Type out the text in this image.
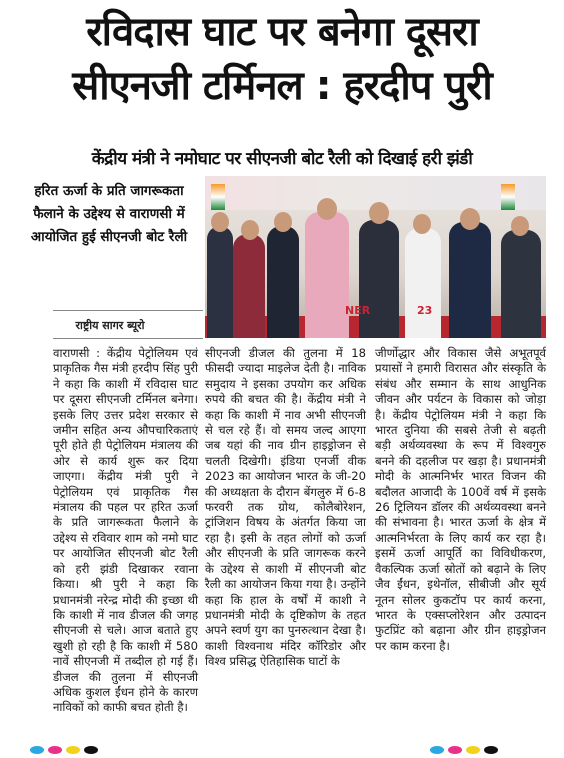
रविदास घाट पर बनेगा दूसरा
सीएनजी टर्मिनल : हरदीप पुरी
केंद्रीय मंत्री ने नमोघाट पर सीएनजी बोट रैली को दिखाई हरी झंडी
हरित ऊर्जा के प्रति जागरूकता फैलाने के उद्देश्य से वाराणसी में आयोजित हुई सीएनजी बोट रैली
राष्ट्रीय सागर ब्यूरो
NER	23

वाराणसी : केंद्रीय पेट्रोलियम एवं प्राकृतिक गैस मंत्री हरदीप सिंह पुरी ने कहा कि काशी में रविदास घाट पर दूसरा सीएनजी टर्मिनल बनेगा। इसके लिए उत्तर प्रदेश सरकार से जमीन सहित अन्य औपचारिकताएं पूरी होते ही पेट्रोलियम मंत्रालय की ओर से कार्य शुरू कर दिया जाएगा। केंद्रीय मंत्री पुरी ने पेट्रोलियम एवं प्राकृतिक गैस मंत्रालय की पहल पर हरित ऊर्जा के प्रति जागरूकता फैलाने के उद्देश्य से रविवार शाम को नमो घाट पर आयोजित सीएनजी बोट रैली को हरी झंडी दिखाकर रवाना किया। श्री पुरी ने कहा कि प्रधानमंत्री नरेन्द्र मोदी की इच्छा थी कि काशी में नाव डीजल की जगह सीएनजी से चले। आज बताते हुए खुशी हो रही है कि काशी में 580 नावें सीएनजी में तब्दील हो गई हैं। डीजल की तुलना में सीएनजी अधिक कुशल ईंधन होने के कारण नाविकों को काफी बचत होती है।

सीएनजी डीजल की तुलना में 18 फीसदी ज्यादा माइलेज देती है। नाविक समुदाय ने इसका उपयोग कर अधिक रुपये की बचत की है। केंद्रीय मंत्री ने कहा कि काशी में नाव अभी सीएनजी से चल रहे हैं। वो समय जल्द आएगा जब यहां की नाव ग्रीन हाइड्रोजन से चलती दिखेगी। इंडिया एनर्जी वीक 2023 का आयोजन भारत के जी-20 की अध्यक्षता के दौरान बेंगलुरु में 6-8 फरवरी तक ग्रोथ, कोलैबोरेशन, ट्रांजिशन विषय के अंतर्गत किया जा रहा है। इसी के तहत लोगों को ऊर्जा और सीएनजी के प्रति जागरूक करने के उद्देश्य से काशी में सीएनजी बोट रैली का आयोजन किया गया है। उन्होंने कहा कि हाल के वर्षों में काशी ने प्रधानमंत्री मोदी के दृष्टिकोण के तहत अपने स्वर्ण युग का पुनरुत्थान देखा है। काशी विश्वनाथ मंदिर कॉरिडोर और विश्व प्रसिद्ध ऐतिहासिक घाटों के

जीर्णोद्धार और विकास जैसे अभूतपूर्व प्रयासों ने हमारी विरासत और संस्कृति के संबंध और सम्मान के साथ आधुनिक जीवन और पर्यटन के विकास को जोड़ा है। केंद्रीय पेट्रोलियम मंत्री ने कहा कि भारत दुनिया की सबसे तेजी से बढ़ती बड़ी अर्थव्यवस्था के रूप में विश्वगुरु बनने की दहलीज पर खड़ा है। प्रधानमंत्री मोदी के आत्मनिर्भर भारत विजन की बदौलत आजादी के 100वें वर्ष में इसके 26 ट्रिलियन डॉलर की अर्थव्यवस्था बनने की संभावना है। भारत ऊर्जा के क्षेत्र में आत्मनिर्भरता के लिए कार्य कर रहा है। इसमें ऊर्जा आपूर्ति का विविधीकरण, वैकल्पिक ऊर्जा स्रोतों को बढ़ाने के लिए जैव ईंधन, इथेनॉल, सीबीजी और सूर्य नूतन सोलर कुकटॉप पर कार्य करना, भारत के एक्सप्लोरेशन और उत्पादन फुटप्रिंट को बढ़ाना और ग्रीन हाइड्रोजन पर काम करना है।
